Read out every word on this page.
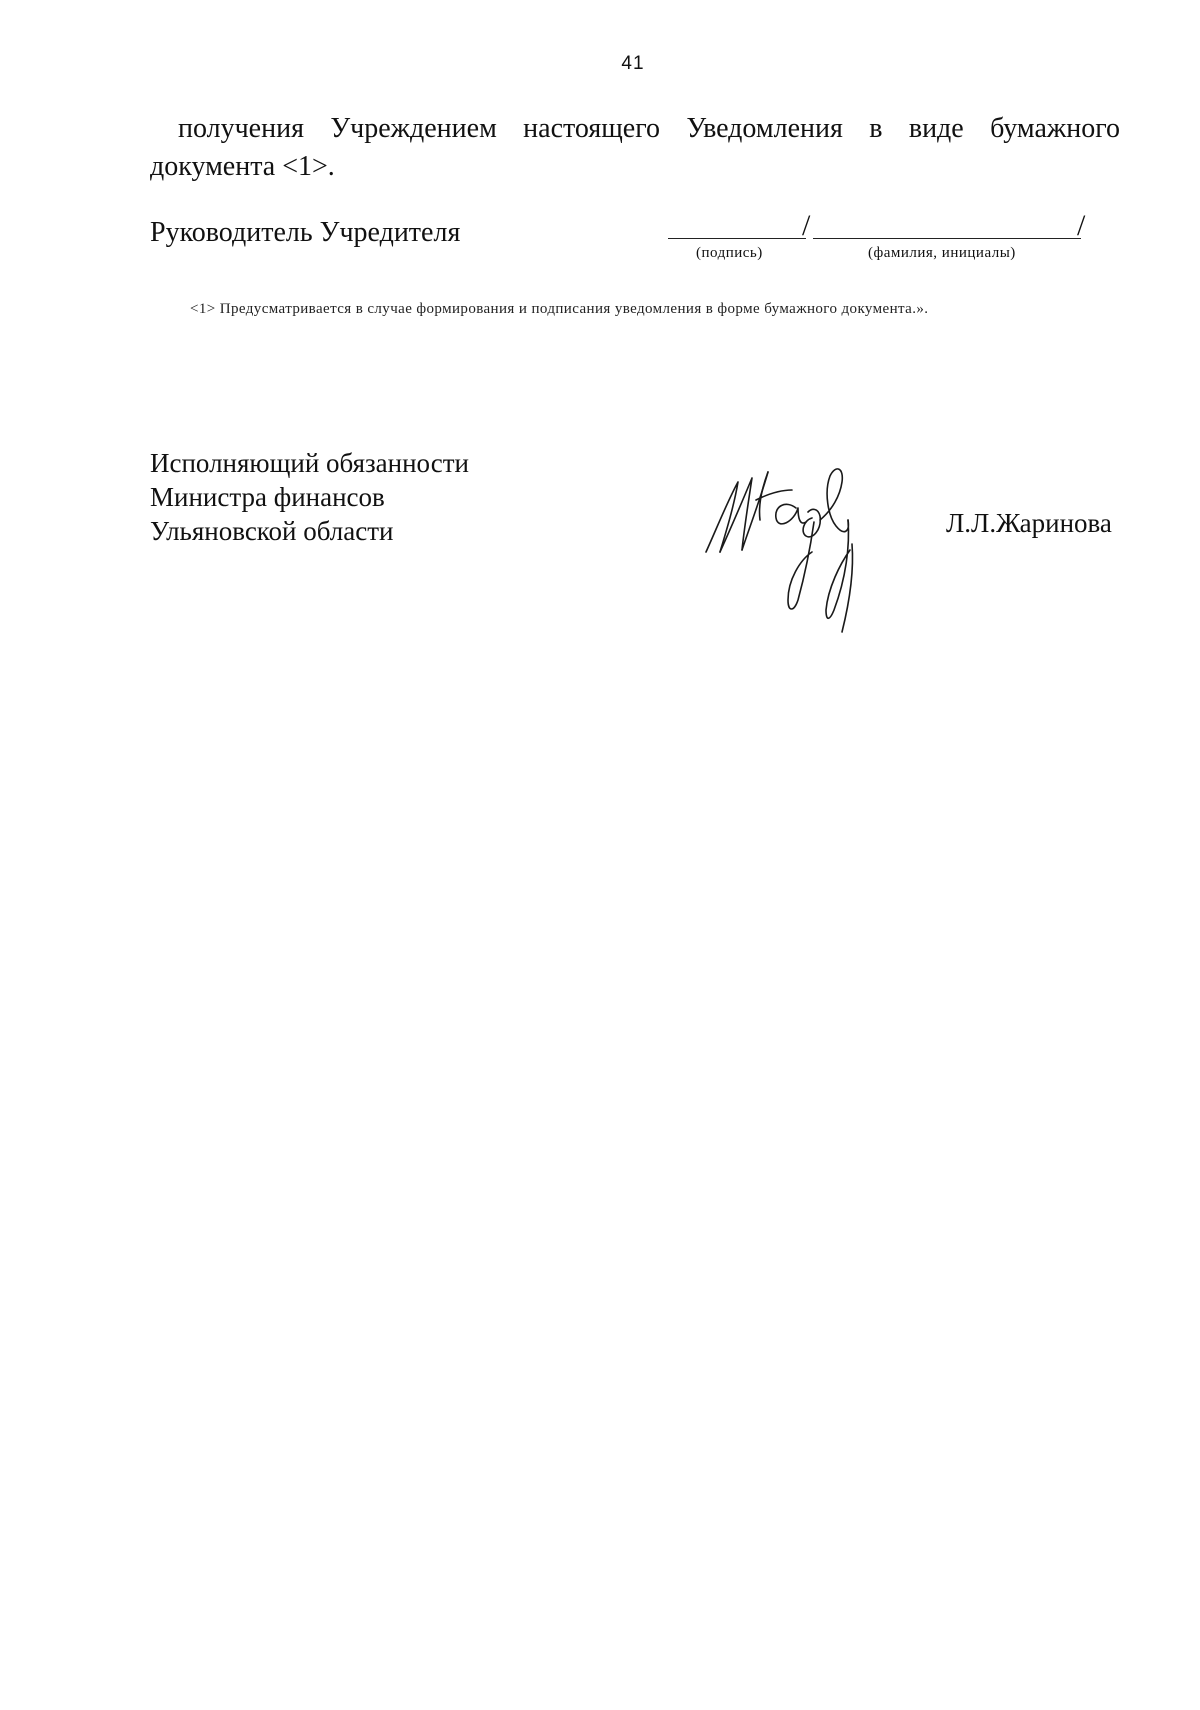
41
получения Учреждением настоящего Уведомления в виде бумажного документа <1>.
Руководитель Учредителя	/	/
(подпись)	(фамилия, инициалы)
<1> Предусматривается в случае формирования и подписания уведомления в форме бумажного документа.».
Исполняющий обязанности
Министра финансов
Ульяновской области	Л.Л.Жаринова
